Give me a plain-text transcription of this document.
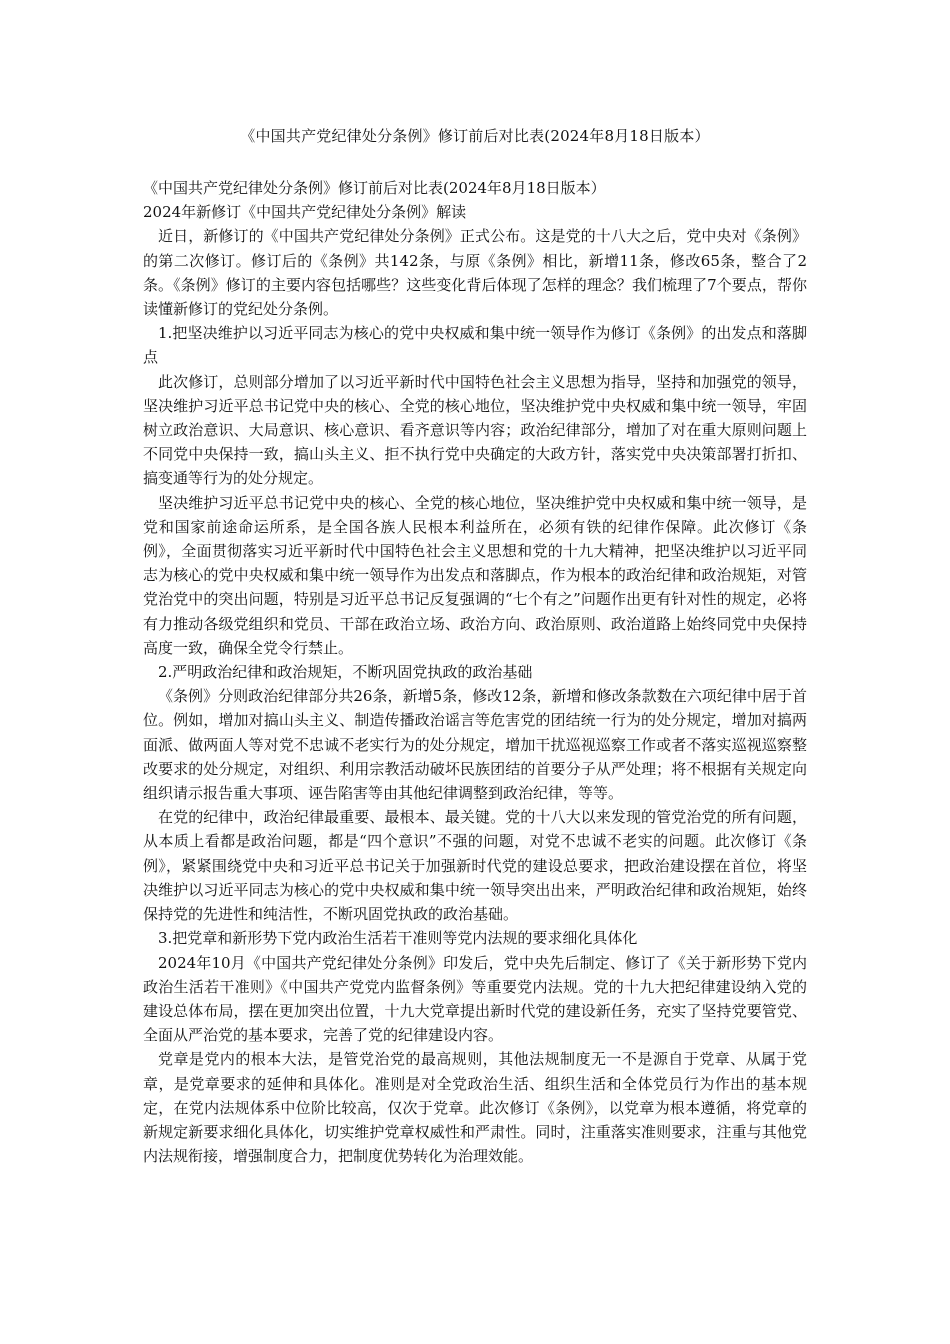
《中国共产党纪律处分条例》修订前后对比表(2024年8月18日版本）

《中国共产党纪律处分条例》修订前后对比表(2024年8月18日版本）

2024年新修订《中国共产党纪律处分条例》解读

近日，新修订的《中国共产党纪律处分条例》正式公布。这是党的十八大之后，党中央对《条例》的第二次修订。修订后的《条例》共142条，与原《条例》相比，新增11条，修改65条，整合了2条。《条例》修订的主要内容包括哪些？这些变化背后体现了怎样的理念？我们梳理了7个要点，帮你读懂新修订的党纪处分条例。

1.把坚决维护以习近平同志为核心的党中央权威和集中统一领导作为修订《条例》的出发点和落脚点

此次修订，总则部分增加了以习近平新时代中国特色社会主义思想为指导，坚持和加强党的领导，坚决维护习近平总书记党中央的核心、全党的核心地位，坚决维护党中央权威和集中统一领导，牢固树立政治意识、大局意识、核心意识、看齐意识等内容；政治纪律部分，增加了对在重大原则问题上不同党中央保持一致，搞山头主义、拒不执行党中央确定的大政方针，落实党中央决策部署打折扣、搞变通等行为的处分规定。

坚决维护习近平总书记党中央的核心、全党的核心地位，坚决维护党中央权威和集中统一领导，是党和国家前途命运所系，是全国各族人民根本利益所在，必须有铁的纪律作保障。此次修订《条例》，全面贯彻落实习近平新时代中国特色社会主义思想和党的十九大精神，把坚决维护以习近平同志为核心的党中央权威和集中统一领导作为出发点和落脚点，作为根本的政治纪律和政治规矩，对管党治党中的突出问题，特别是习近平总书记反复强调的“七个有之”问题作出更有针对性的规定，必将有力推动各级党组织和党员、干部在政治立场、政治方向、政治原则、政治道路上始终同党中央保持高度一致，确保全党令行禁止。

2.严明政治纪律和政治规矩，不断巩固党执政的政治基础

《条例》分则政治纪律部分共26条，新增5条，修改12条，新增和修改条款数在六项纪律中居于首位。例如，增加对搞山头主义、制造传播政治谣言等危害党的团结统一行为的处分规定，增加对搞两面派、做两面人等对党不忠诚不老实行为的处分规定，增加干扰巡视巡察工作或者不落实巡视巡察整改要求的处分规定，对组织、利用宗教活动破坏民族团结的首要分子从严处理；将不根据有关规定向组织请示报告重大事项、诬告陷害等由其他纪律调整到政治纪律，等等。

在党的纪律中，政治纪律最重要、最根本、最关键。党的十八大以来发现的管党治党的所有问题，从本质上看都是政治问题，都是“四个意识”不强的问题，对党不忠诚不老实的问题。此次修订《条例》，紧紧围绕党中央和习近平总书记关于加强新时代党的建设总要求，把政治建设摆在首位，将坚决维护以习近平同志为核心的党中央权威和集中统一领导突出出来，严明政治纪律和政治规矩，始终保持党的先进性和纯洁性，不断巩固党执政的政治基础。

3.把党章和新形势下党内政治生活若干准则等党内法规的要求细化具体化

2024年10月《中国共产党纪律处分条例》印发后，党中央先后制定、修订了《关于新形势下党内政治生活若干准则》《中国共产党党内监督条例》等重要党内法规。党的十九大把纪律建设纳入党的建设总体布局，摆在更加突出位置，十九大党章提出新时代党的建设新任务，充实了坚持党要管党、全面从严治党的基本要求，完善了党的纪律建设内容。

党章是党内的根本大法，是管党治党的最高规则，其他法规制度无一不是源自于党章、从属于党章，是党章要求的延伸和具体化。准则是对全党政治生活、组织生活和全体党员行为作出的基本规定，在党内法规体系中位阶比较高，仅次于党章。此次修订《条例》，以党章为根本遵循，将党章的新规定新要求细化具体化，切实维护党章权威性和严肃性。同时，注重落实准则要求，注重与其他党内法规衔接，增强制度合力，把制度优势转化为治理效能。
